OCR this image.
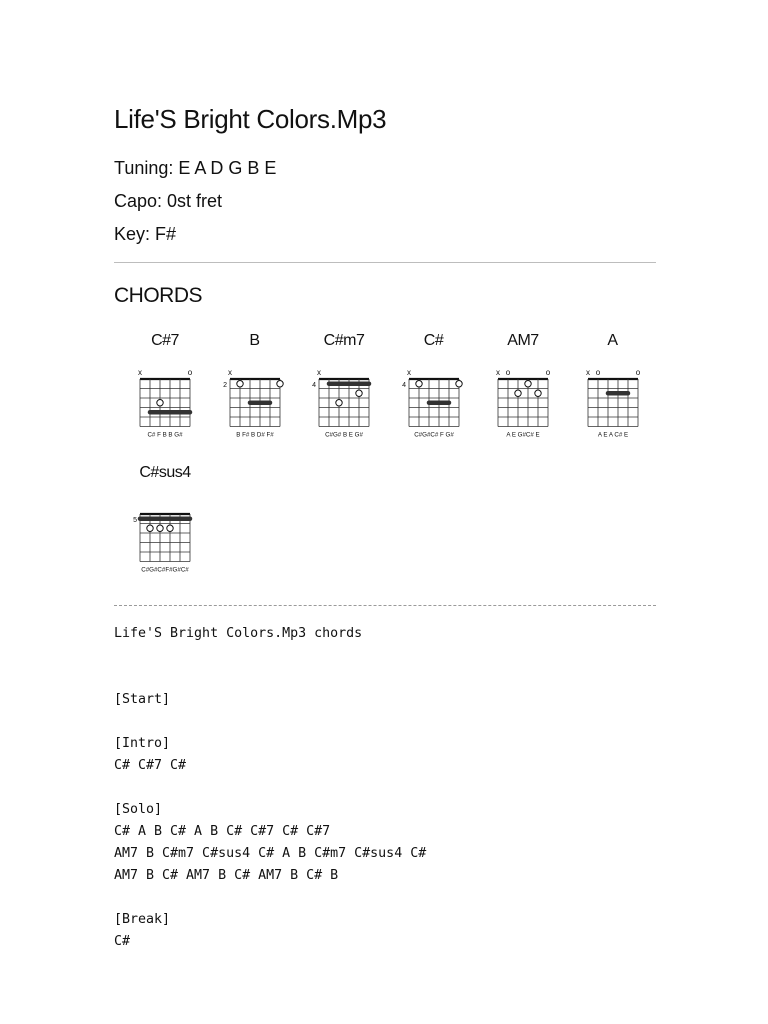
Life'S Bright Colors.Mp3

Tuning: E A D G B E

Capo: 0st fret

Key: F#

CHORDS
C#7
x	o
C# F B B G#
B
x
2
B F# B D# F#
C#m7
x
4
C#G# B E G#
C#
x
4
C#G#C# F G#
AM7
x o	o
A E G#C# E
A
x o	o
A E A C# E
C#sus4
5
C#G#C#F#G#C#

Life'S Bright Colors.Mp3 chords

[Start]

[Intro]

C# C#7 C#

[Solo]

C# A B C# A B C# C#7 C# C#7

AM7 B C#m7 C#sus4 C# A B C#m7 C#sus4 C#

AM7 B C# AM7 B C# AM7 B C# B

[Break]

C#
